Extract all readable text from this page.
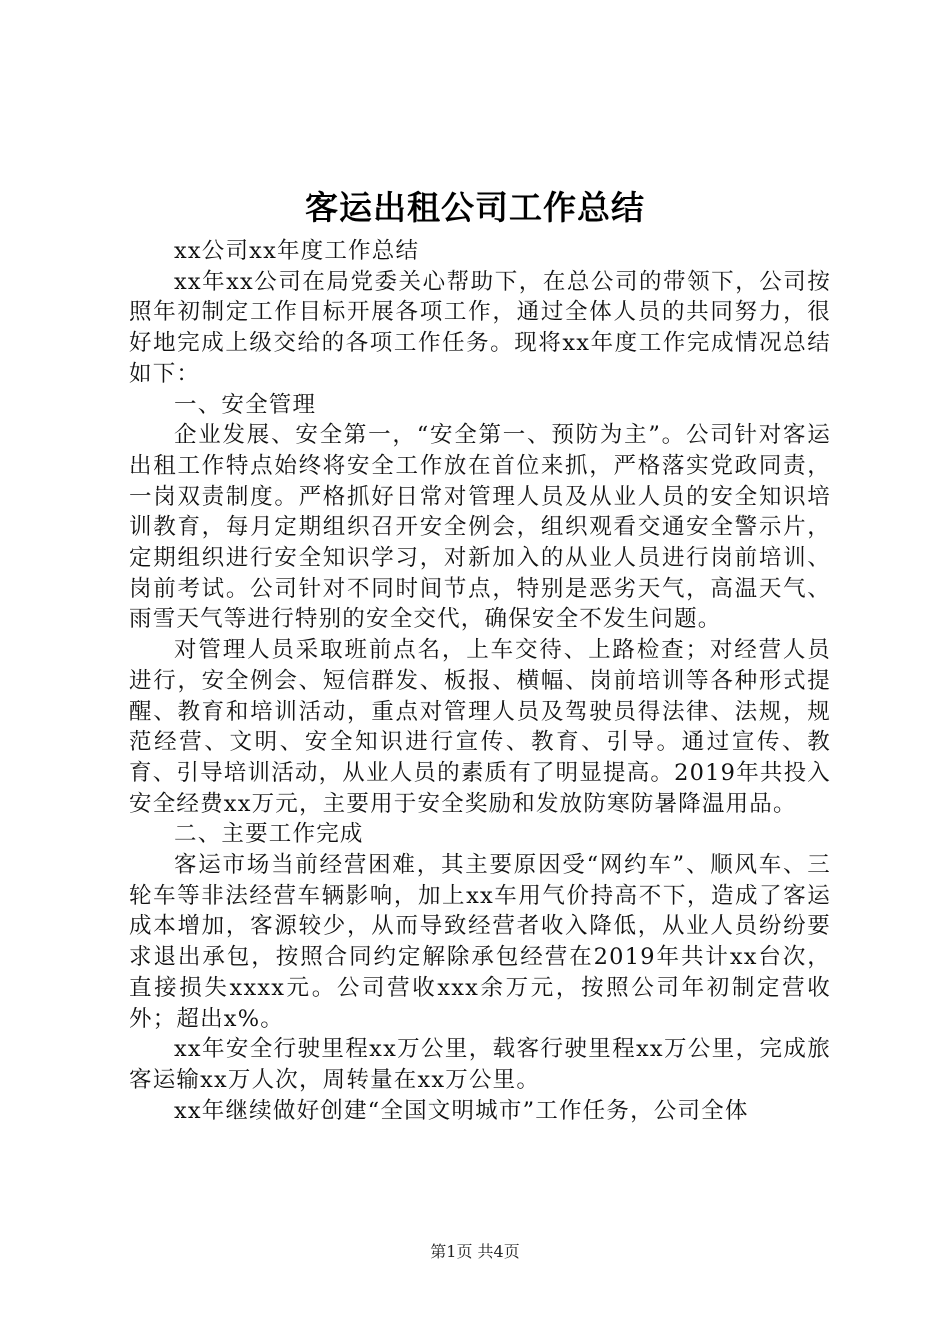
客运出租公司工作总结

xx公司xx年度工作总结

xx年xx公司在局党委关心帮助下，在总公司的带领下，公司按照年初制定工作目标开展各项工作，通过全体人员的共同努力，很好地完成上级交给的各项工作任务。现将xx年度工作完成情况总结如下：

一、安全管理

企业发展、安全第一，“安全第一、预防为主”。公司针对客运出租工作特点始终将安全工作放在首位来抓，严格落实党政同责，一岗双责制度。严格抓好日常对管理人员及从业人员的安全知识培训教育，每月定期组织召开安全例会，组织观看交通安全警示片，定期组织进行安全知识学习，对新加入的从业人员进行岗前培训、岗前考试。公司针对不同时间节点，特别是恶劣天气，高温天气、雨雪天气等进行特别的安全交代，确保安全不发生问题。

对管理人员采取班前点名，上车交待、上路检查；对经营人员进行，安全例会、短信群发、板报、横幅、岗前培训等各种形式提醒、教育和培训活动，重点对管理人员及驾驶员得法律、法规，规范经营、文明、安全知识进行宣传、教育、引导。通过宣传、教育、引导培训活动，从业人员的素质有了明显提高。2019年共投入安全经费xx万元，主要用于安全奖励和发放防寒防暑降温用品。

二、主要工作完成

客运市场当前经营困难，其主要原因受“网约车”、顺风车、三轮车等非法经营车辆影响，加上xx车用气价持高不下，造成了客运成本增加，客源较少，从而导致经营者收入降低，从业人员纷纷要求退出承包，按照合同约定解除承包经营在2019年共计xx台次，直接损失xxxx元。公司营收xxx余万元，按照公司年初制定营收外；超出x%。

xx年安全行驶里程xx万公里，载客行驶里程xx万公里，完成旅客运输xx万人次，周转量在xx万公里。

xx年继续做好创建“全国文明城市”工作任务，公司全体

第1页 共4页
